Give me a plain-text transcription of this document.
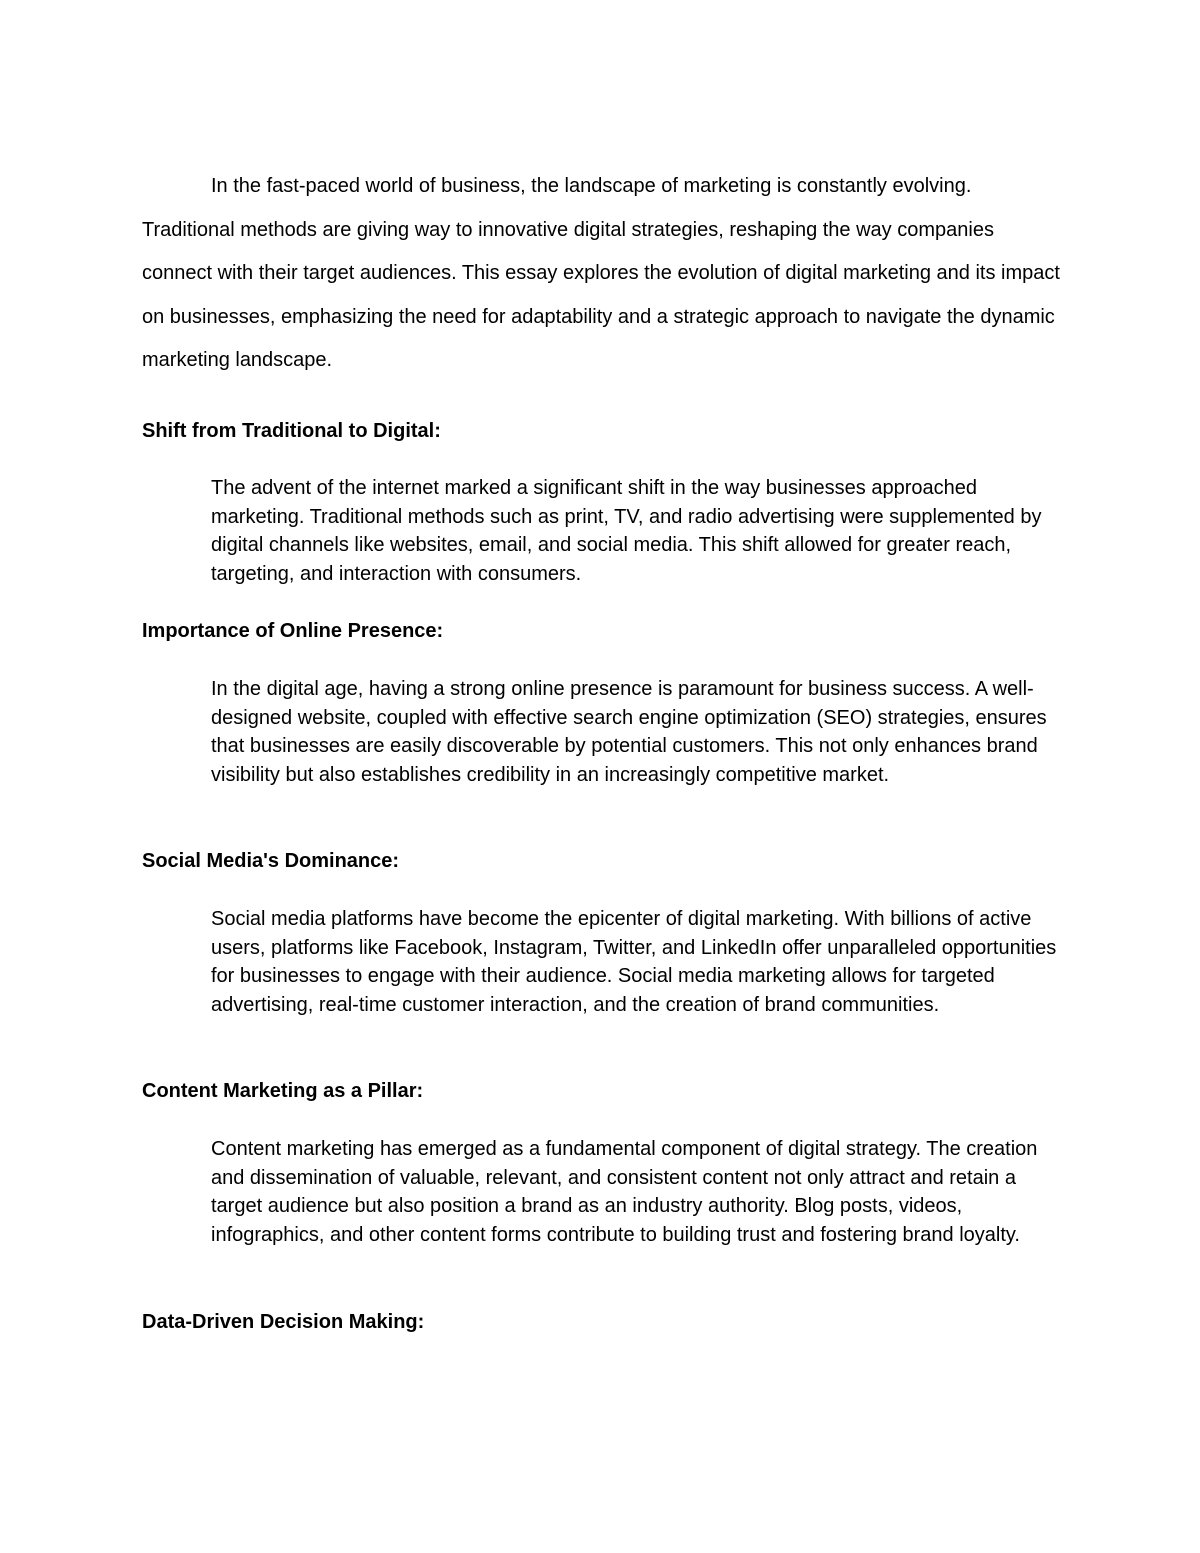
In the fast-paced world of business, the landscape of marketing is constantly evolving. Traditional methods are giving way to innovative digital strategies, reshaping the way companies connect with their target audiences. This essay explores the evolution of digital marketing and its impact on businesses, emphasizing the need for adaptability and a strategic approach to navigate the dynamic marketing landscape.

Shift from Traditional to Digital:

The advent of the internet marked a significant shift in the way businesses approached marketing. Traditional methods such as print, TV, and radio advertising were supplemented by digital channels like websites, email, and social media. This shift allowed for greater reach, targeting, and interaction with consumers.

Importance of Online Presence:

In the digital age, having a strong online presence is paramount for business success. A well-designed website, coupled with effective search engine optimization (SEO) strategies, ensures that businesses are easily discoverable by potential customers. This not only enhances brand visibility but also establishes credibility in an increasingly competitive market.

Social Media's Dominance:

Social media platforms have become the epicenter of digital marketing. With billions of active users, platforms like Facebook, Instagram, Twitter, and LinkedIn offer unparalleled opportunities for businesses to engage with their audience. Social media marketing allows for targeted advertising, real-time customer interaction, and the creation of brand communities.

Content Marketing as a Pillar:

Content marketing has emerged as a fundamental component of digital strategy. The creation and dissemination of valuable, relevant, and consistent content not only attract and retain a target audience but also position a brand as an industry authority. Blog posts, videos, infographics, and other content forms contribute to building trust and fostering brand loyalty.

Data-Driven Decision Making:
